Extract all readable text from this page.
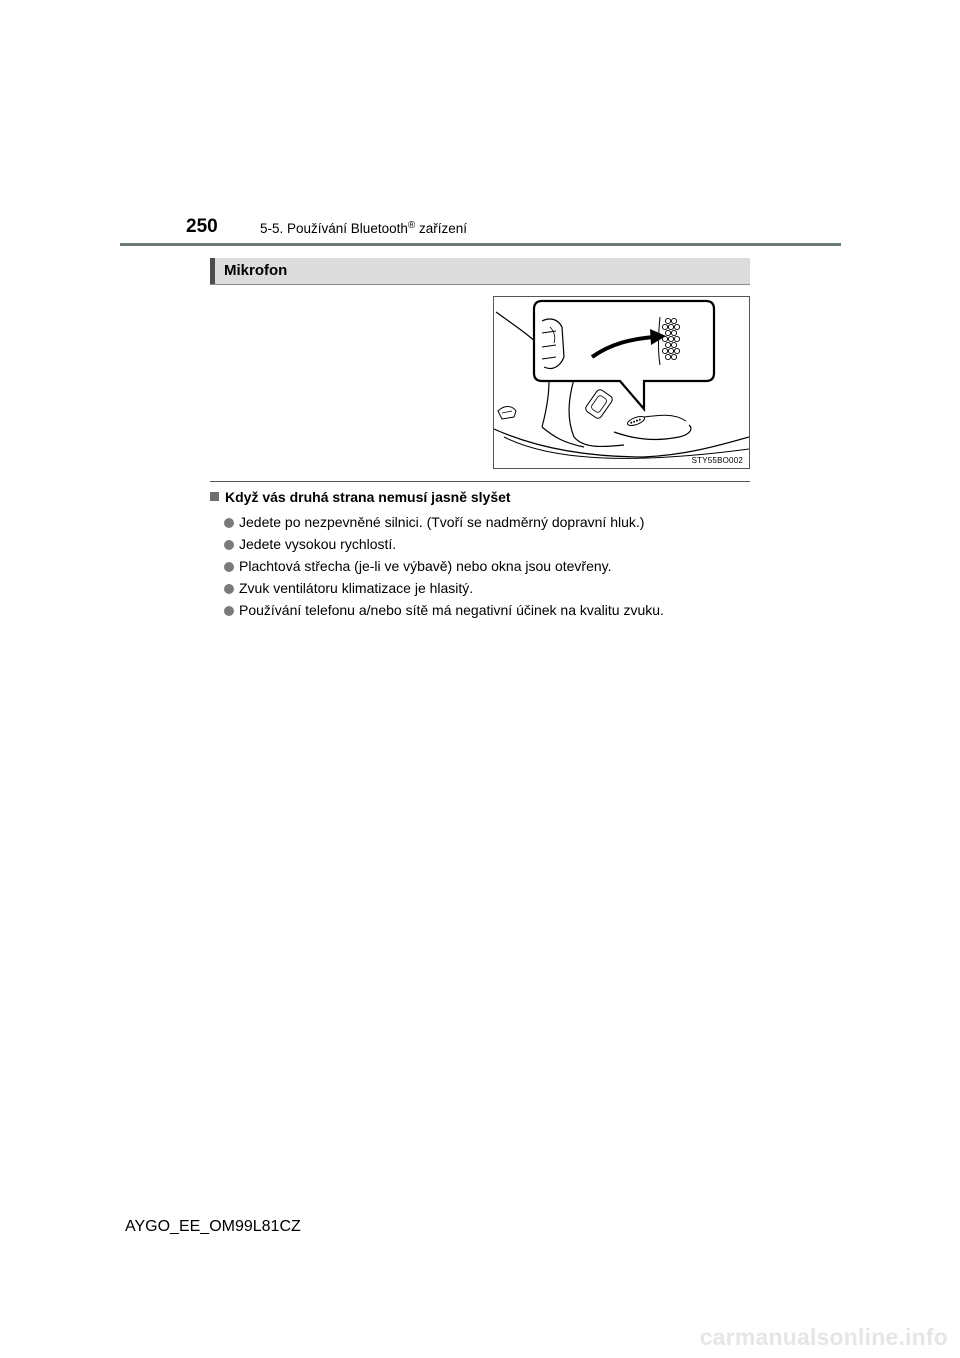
250	5-5. Používání Bluetooth® zařízení
Mikrofon
STY55BO002
Když vás druhá strana nemusí jasně slyšet
Jedete po nezpevněné silnici. (Tvoří se nadměrný dopravní hluk.)
Jedete vysokou rychlostí.
Plachtová střecha (je-li ve výbavě) nebo okna jsou otevřeny.
Zvuk ventilátoru klimatizace je hlasitý.
Používání telefonu a/nebo sítě má negativní účinek na kvalitu zvuku.
AYGO_EE_OM99L81CZ
carmanualsonline.info
